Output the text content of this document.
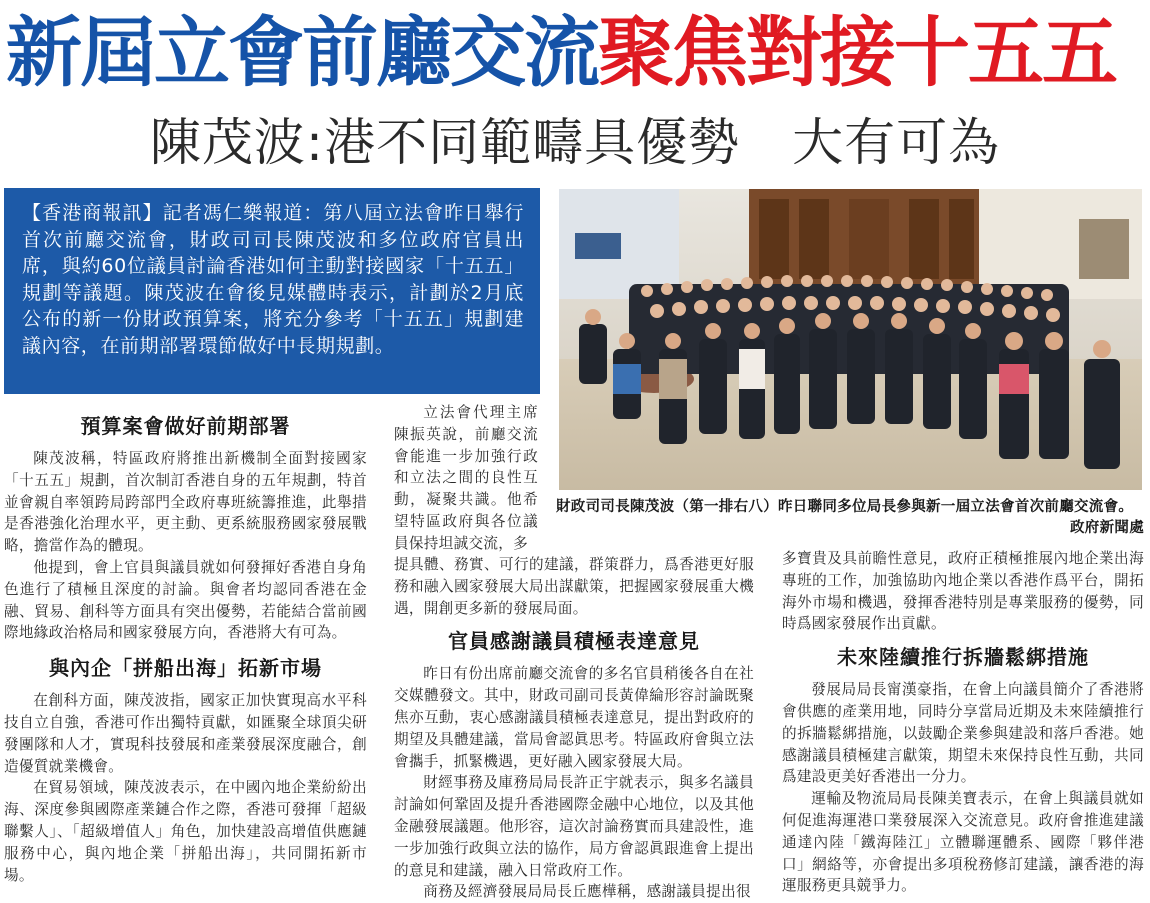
新屆立會前廳交流聚焦對接十五五
陳茂波:港不同範疇具優勢　大有可為
【香港商報訊】記者馮仁樂報道：第八屆立法會昨日舉行首次前廳交流會，財政司司長陳茂波和多位政府官員出席，與約60位議員討論香港如何主動對接國家「十五五」規劃等議題。陳茂波在會後見媒體時表示，計劃於2月底公布的新一份財政預算案，將充分參考「十五五」規劃建議內容，在前期部署環節做好中長期規劃。
預算案會做好前期部署

陳茂波稱，特區政府將推出新機制全面對接國家「十五五」規劃，首次制訂香港自身的五年規劃，特首並會親自率領跨局跨部門全政府專班統籌推進，此舉措是香港強化治理水平，更主動、更系統服務國家發展戰略，擔當作為的體現。

他提到，會上官員與議員就如何發揮好香港自身角色進行了積極且深度的討論。與會者均認同香港在金融、貿易、創科等方面具有突出優勢，若能結合當前國際地緣政治格局和國家發展方向，香港將大有可為。

與內企「拼船出海」拓新市場

在創科方面，陳茂波指，國家正加快實現高水平科技自立自強，香港可作出獨特貢獻，如匯聚全球頂尖研發團隊和人才，實現科技發展和產業發展深度融合，創造優質就業機會。

在貿易領域，陳茂波表示，在中國內地企業紛紛出海、深度參與國際產業鏈合作之際，香港可發揮「超級聯繫人」、「超級增值人」角色，加快建設高增值供應鏈服務中心，與內地企業「拼船出海」，共同開拓新市場。

立法會代理主席陳振英說，前廳交流會能進一步加強行政和立法之間的良性互動，凝聚共識。他希望特區政府與各位議員保持坦誠交流，多

財政司司長陳茂波（第一排右八）昨日聯同多位局長參與新一屆立法會首次前廳交流會。
政府新聞處

提具體、務實、可行的建議，群策群力，爲香港更好服務和融入國家發展大局出謀獻策，把握國家發展重大機遇，開創更多新的發展局面。

官員感謝議員積極表達意見

昨日有份出席前廳交流會的多名官員稍後各自在社交媒體發文。其中，財政司副司長黃偉綸形容討論既聚焦亦互動，衷心感謝議員積極表達意見，提出對政府的期望及具體建議，當局會認眞思考。特區政府會與立法會攜手，抓緊機遇，更好融入國家發展大局。

財經事務及庫務局局長許正宇就表示，與多名議員討論如何鞏固及提升香港國際金融中心地位，以及其他金融發展議題。他形容，這次討論務實而具建設性，進一步加強行政與立法的協作，局方會認眞跟進會上提出的意見和建議，融入日常政府工作。

商務及經濟發展局局長丘應樺稱，感謝議員提出很

多寶貴及具前瞻性意見，政府正積極推展內地企業出海專班的工作，加強協助內地企業以香港作爲平台，開拓海外市場和機遇，發揮香港特別是專業服務的優勢，同時爲國家發展作出貢獻。

未來陸續推行拆牆鬆綁措施

發展局局長甯漢豪指，在會上向議員簡介了香港將會供應的產業用地，同時分享當局近期及未來陸續推行的拆牆鬆綁措施，以鼓勵企業參與建設和落戶香港。她感謝議員積極建言獻策，期望未來保持良性互動，共同爲建設更美好香港出一分力。

運輸及物流局局長陳美寶表示，在會上與議員就如何促進海運港口業發展深入交流意見。政府會推進建議通達內陸「鐵海陸江」立體聯運體系、國際「夥伴港口」網絡等，亦會提出多項稅務修訂建議，讓香港的海運服務更具競爭力。
